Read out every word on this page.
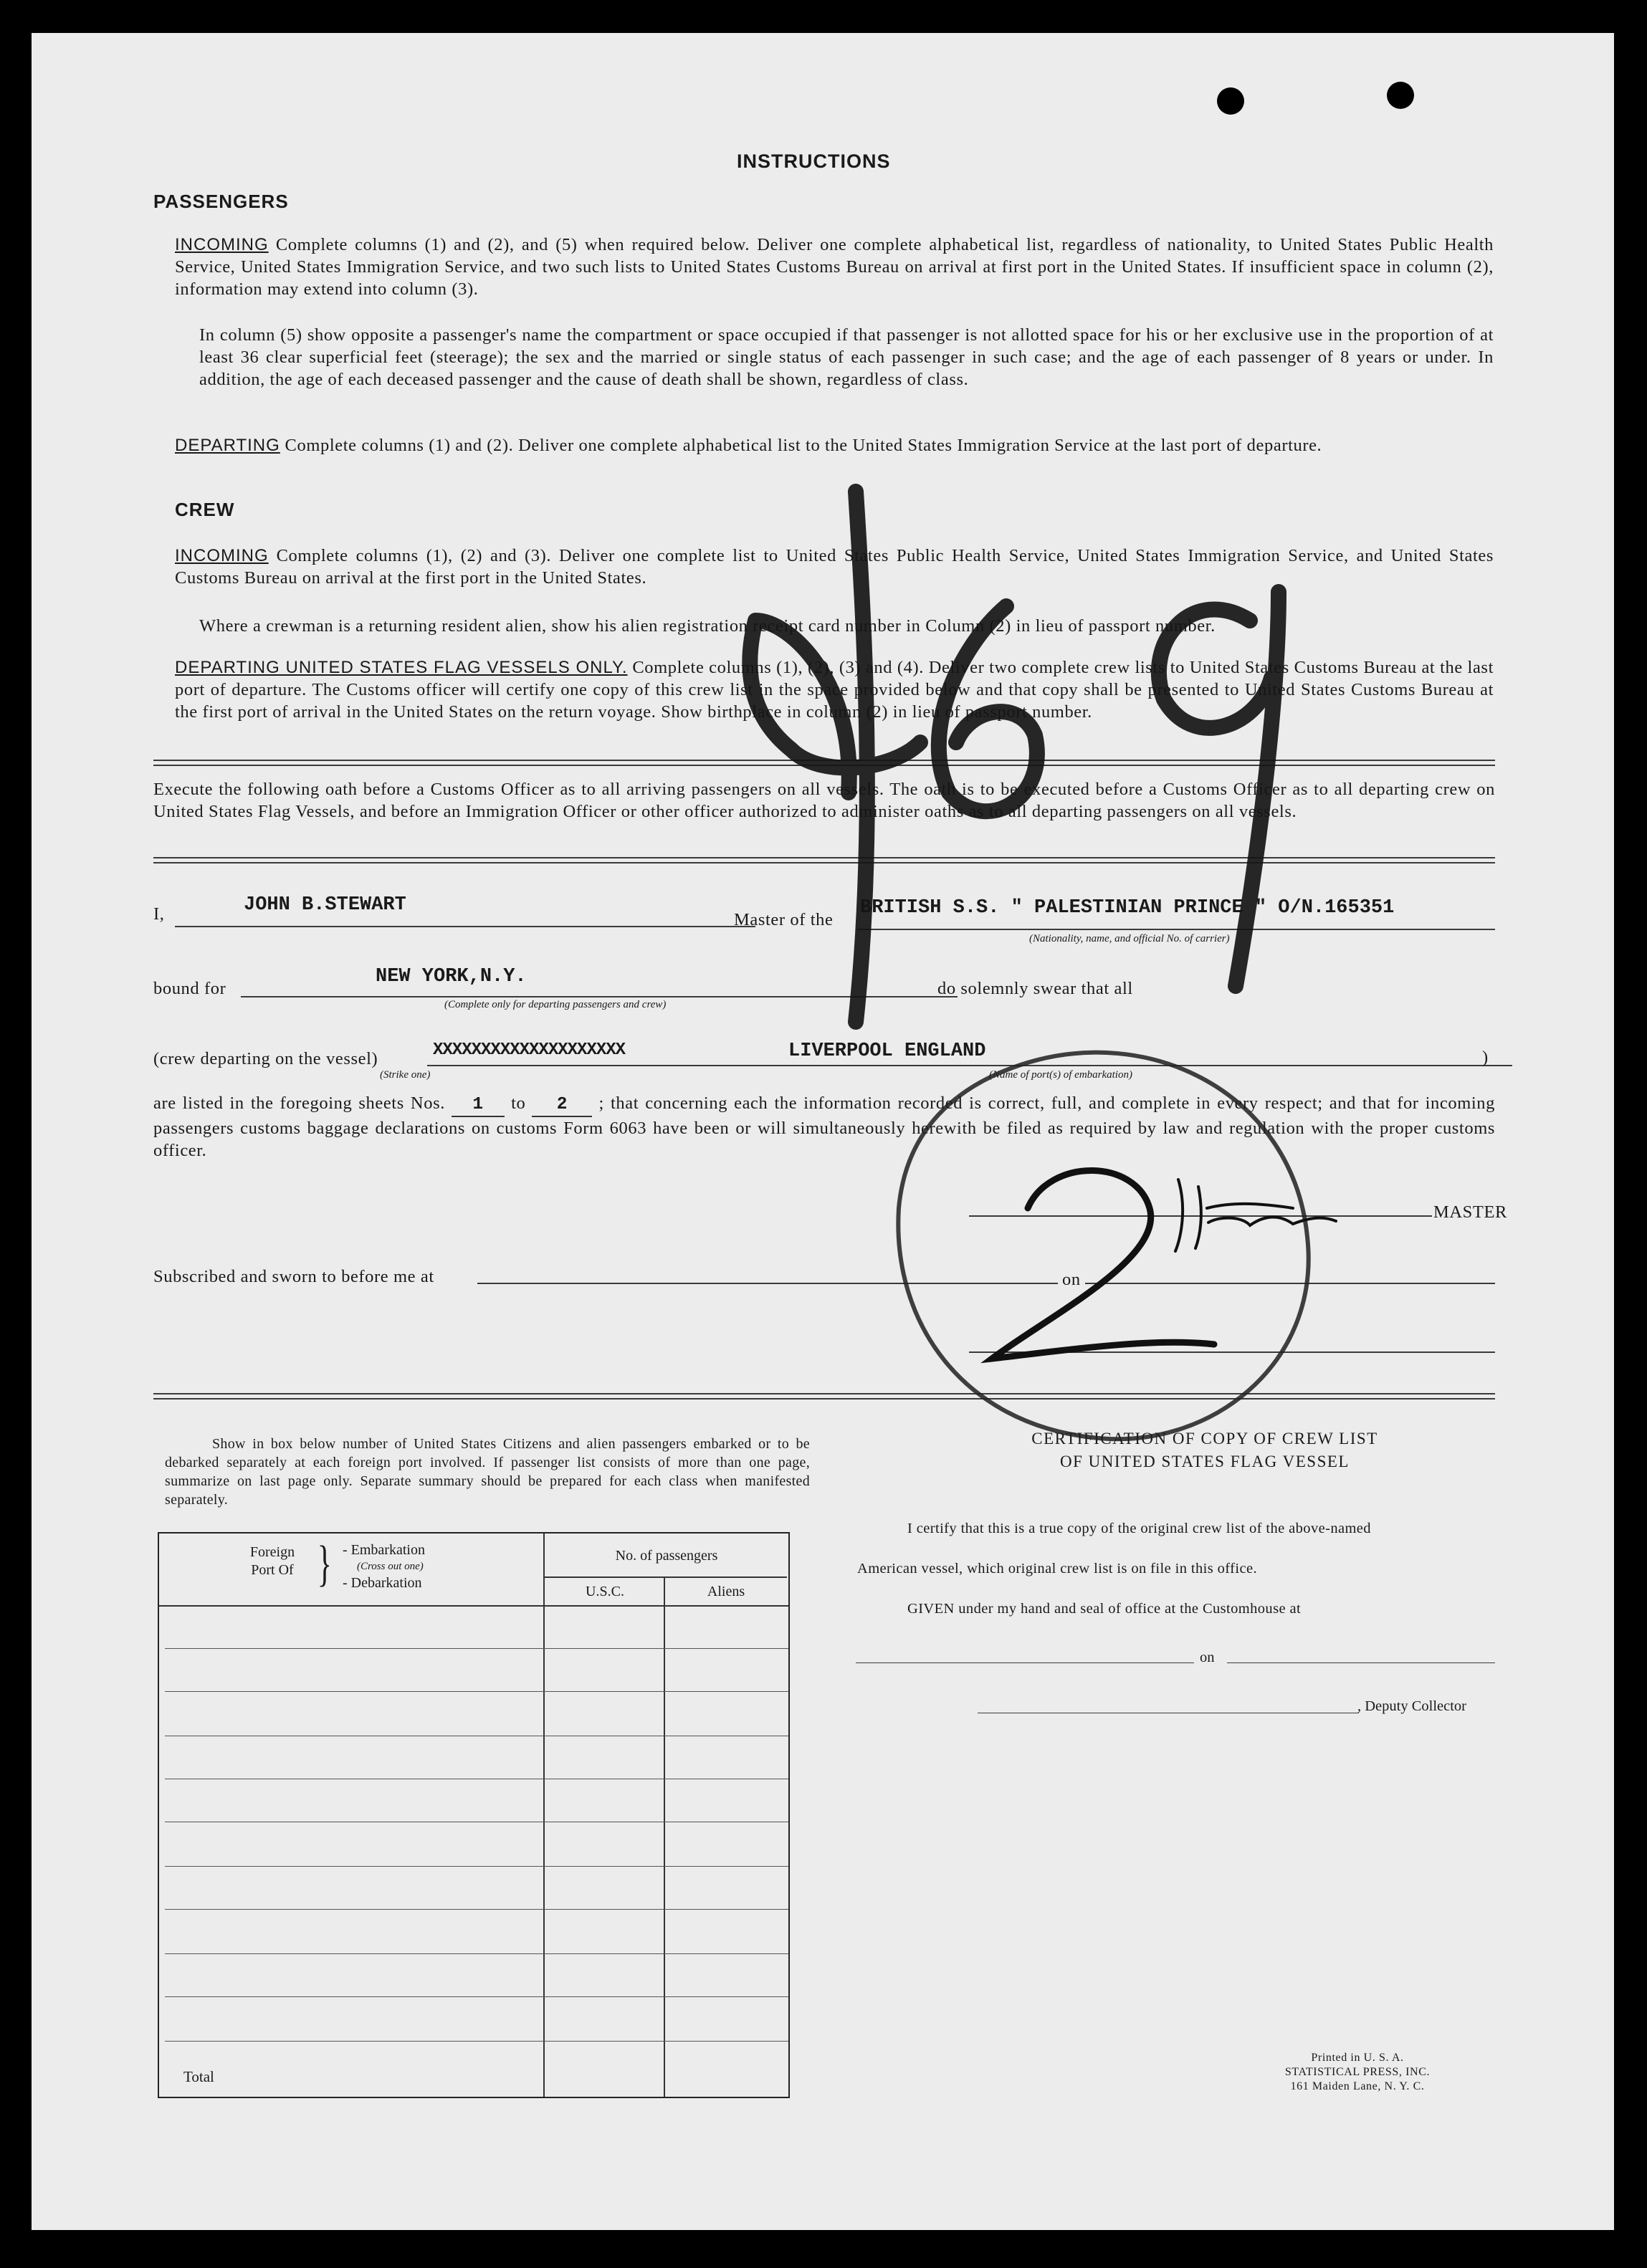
INSTRUCTIONS
PASSENGERS
INCOMING Complete columns (1) and (2), and (5) when required below. Deliver one complete alphabetical list, regardless of nationality, to United States Public Health Service, United States Immigration Service, and two such lists to United States Customs Bureau on arrival at first port in the United States. If insufficient space in column (2), information may extend into column (3).
In column (5) show opposite a passenger's name the compartment or space occupied if that passenger is not allotted space for his or her exclusive use in the proportion of at least 36 clear superficial feet (steerage); the sex and the married or single status of each passenger in such case; and the age of each passenger of 8 years or under. In addition, the age of each deceased passenger and the cause of death shall be shown, regardless of class.
DEPARTING Complete columns (1) and (2). Deliver one complete alphabetical list to the United States Immigration Service at the last port of departure.
CREW
INCOMING Complete columns (1), (2) and (3). Deliver one complete list to United States Public Health Service, United States Immigration Service, and United States Customs Bureau on arrival at the first port in the United States.
Where a crewman is a returning resident alien, show his alien registration receipt card number in Column (2) in lieu of passport number.
DEPARTING UNITED STATES FLAG VESSELS ONLY. Complete columns (1), (2), (3) and (4). Deliver two complete crew lists to United States Customs Bureau at the last port of departure. The Customs officer will certify one copy of this crew list in the space provided below and that copy shall be presented to United States Customs Bureau at the first port of arrival in the United States on the return voyage. Show birthplace in column (2) in lieu of passport number.
Execute the following oath before a Customs Officer as to all arriving passengers on all vessels. The oath is to be executed before a Customs Officer as to all departing crew on United States Flag Vessels, and before an Immigration Officer or other officer authorized to administer oaths as to all departing passengers on all vessels.
I,	JOHN B.STEWART
Master of the
BRITISH S.S. " PALESTINIAN PRINCE " O/N.165351
(Nationality, name, and official No. of carrier)
bound for
NEW YORK,N.Y.
(Complete only for departing passengers and crew)
do solemnly swear that all
(crew departing on the vessel)	XXXXXXXXXXXXXXXXXXXX
(Strike one)
LIVERPOOL ENGLAND
(Name of port(s) of embarkation)
)
are listed in the foregoing sheets Nos. 1 to 2 ; that concerning each the information recorded is correct, full, and complete in every respect; and that for incoming passengers customs baggage declarations on customs Form 6063 have been or will simultaneously herewith be filed as required by law and regulation with the proper customs officer.
MASTER
Subscribed and sworn to before me at	on
Show in box below number of United States Citizens and alien passengers embarked or to be debarked separately at each foreign port involved. If passenger list consists of more than one page, summarize on last page only. Separate summary should be prepared for each class when manifested separately.
Foreign Port Of } - Embarkation
(Cross out one)
- Debarkation
No. of passengers
U.S.C.	Aliens
Total
CERTIFICATION OF COPY OF CREW LIST
OF UNITED STATES FLAG VESSEL
I certify that this is a true copy of the original crew list of the above-named
American vessel, which original crew list is on file in this office.
GIVEN under my hand and seal of office at the Customhouse at
on
, Deputy Collector
Printed in U. S. A.
STATISTICAL PRESS, INC.
161 Maiden Lane, N. Y. C.
